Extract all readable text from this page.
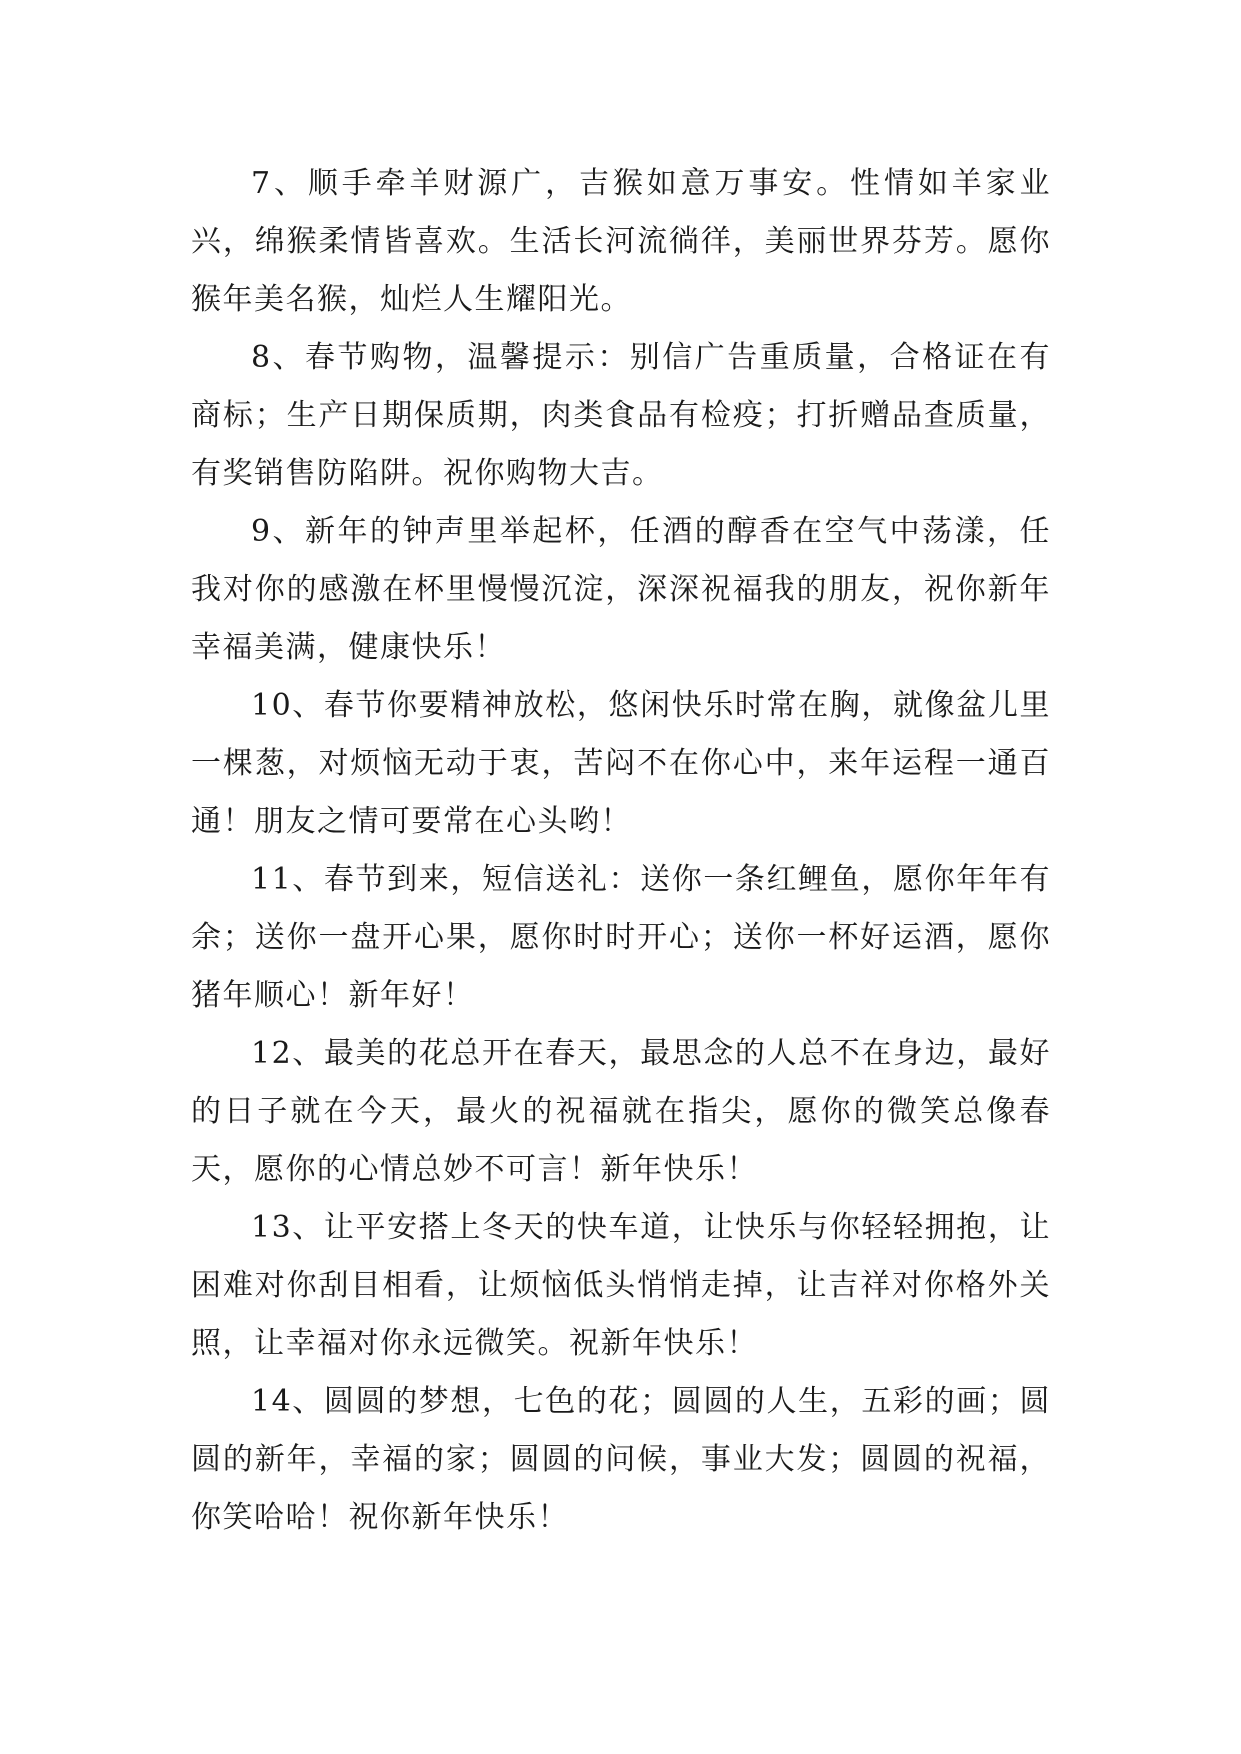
7、顺手牵羊财源广，吉猴如意万事安。性情如羊家业兴，绵猴柔情皆喜欢。生活长河流徜徉，美丽世界芬芳。愿你猴年美名猴，灿烂人生耀阳光。

8、春节购物，温馨提示：别信广告重质量，合格证在有商标；生产日期保质期，肉类食品有检疫；打折赠品查质量，有奖销售防陷阱。祝你购物大吉。

9、新年的钟声里举起杯，任酒的醇香在空气中荡漾，任我对你的感激在杯里慢慢沉淀，深深祝福我的朋友，祝你新年幸福美满，健康快乐！

10、春节你要精神放松，悠闲快乐时常在胸，就像盆儿里一棵葱，对烦恼无动于衷，苦闷不在你心中，来年运程一通百通！朋友之情可要常在心头哟！

11、春节到来，短信送礼：送你一条红鲤鱼，愿你年年有余；送你一盘开心果，愿你时时开心；送你一杯好运酒，愿你猪年顺心！新年好！

12、最美的花总开在春天，最思念的人总不在身边，最好的日子就在今天，最火的祝福就在指尖，愿你的微笑总像春天，愿你的心情总妙不可言！新年快乐！

13、让平安搭上冬天的快车道，让快乐与你轻轻拥抱，让困难对你刮目相看，让烦恼低头悄悄走掉，让吉祥对你格外关照，让幸福对你永远微笑。祝新年快乐！

14、圆圆的梦想，七色的花；圆圆的人生，五彩的画；圆圆的新年，幸福的家；圆圆的问候，事业大发；圆圆的祝福，你笑哈哈！祝你新年快乐！
